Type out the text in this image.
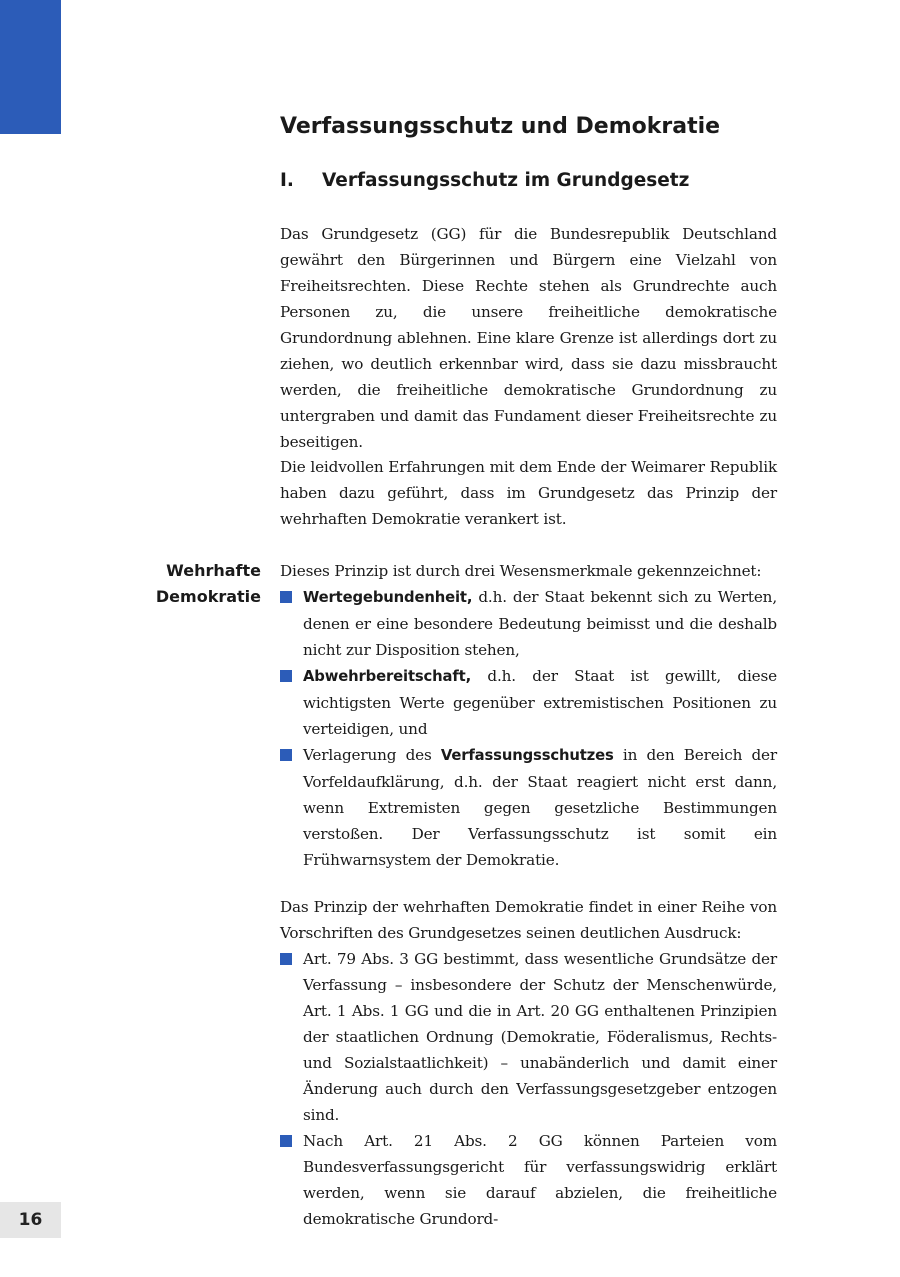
16
Verfassungsschutz und Demokratie
I. Verfassungsschutz im Grundgesetz

Das Grundgesetz (GG) für die Bundesrepublik Deutschland gewährt den Bürgerinnen und Bürgern eine Vielzahl von Freiheitsrechten. Diese Rechte stehen als Grundrechte auch Personen zu, die unsere freiheitliche demokratische Grundordnung ablehnen. Eine klare Grenze ist allerdings dort zu ziehen, wo deutlich erkennbar wird, dass sie dazu missbraucht werden, die freiheitliche demokratische Grundordnung zu untergraben und damit das Fundament dieser Freiheitsrechte zu beseitigen.

Die leidvollen Erfahrungen mit dem Ende der Weimarer Republik haben dazu geführt, dass im Grundgesetz das Prinzip der wehrhaften Demokratie verankert ist.

Wehrhafte
Demokratie
Dieses Prinzip ist durch drei Wesensmerkmale gekennzeichnet:
Wertegebundenheit, d.h. der Staat bekennt sich zu Werten, denen er eine besondere Bedeutung beimisst und die deshalb nicht zur Disposition stehen,
Abwehrbereitschaft, d.h. der Staat ist gewillt, diese wichtigsten Werte gegenüber extremistischen Positionen zu verteidigen, und
Verlagerung des Verfassungsschutzes in den Bereich der Vorfeldaufklärung, d.h. der Staat reagiert nicht erst dann, wenn Extremisten gegen gesetzliche Bestimmungen verstoßen. Der Verfassungsschutz ist somit ein Frühwarnsystem der Demokratie.
Das Prinzip der wehrhaften Demokratie findet in einer Reihe von Vorschriften des Grundgesetzes seinen deutlichen Ausdruck:
Art. 79 Abs. 3 GG bestimmt, dass wesentliche Grundsätze der Verfassung – insbesondere der Schutz der Menschenwürde, Art. 1 Abs. 1 GG und die in Art. 20 GG enthaltenen Prinzipien der staatlichen Ordnung (Demokratie, Föderalismus, Rechts- und Sozialstaatlichkeit) – unabänderlich und damit einer Änderung auch durch den Verfassungsgesetzgeber entzogen sind.
Nach Art. 21 Abs. 2 GG können Parteien vom Bundesverfassungsgericht für verfassungswidrig erklärt werden, wenn sie darauf abzielen, die freiheitliche demokratische Grundord-
